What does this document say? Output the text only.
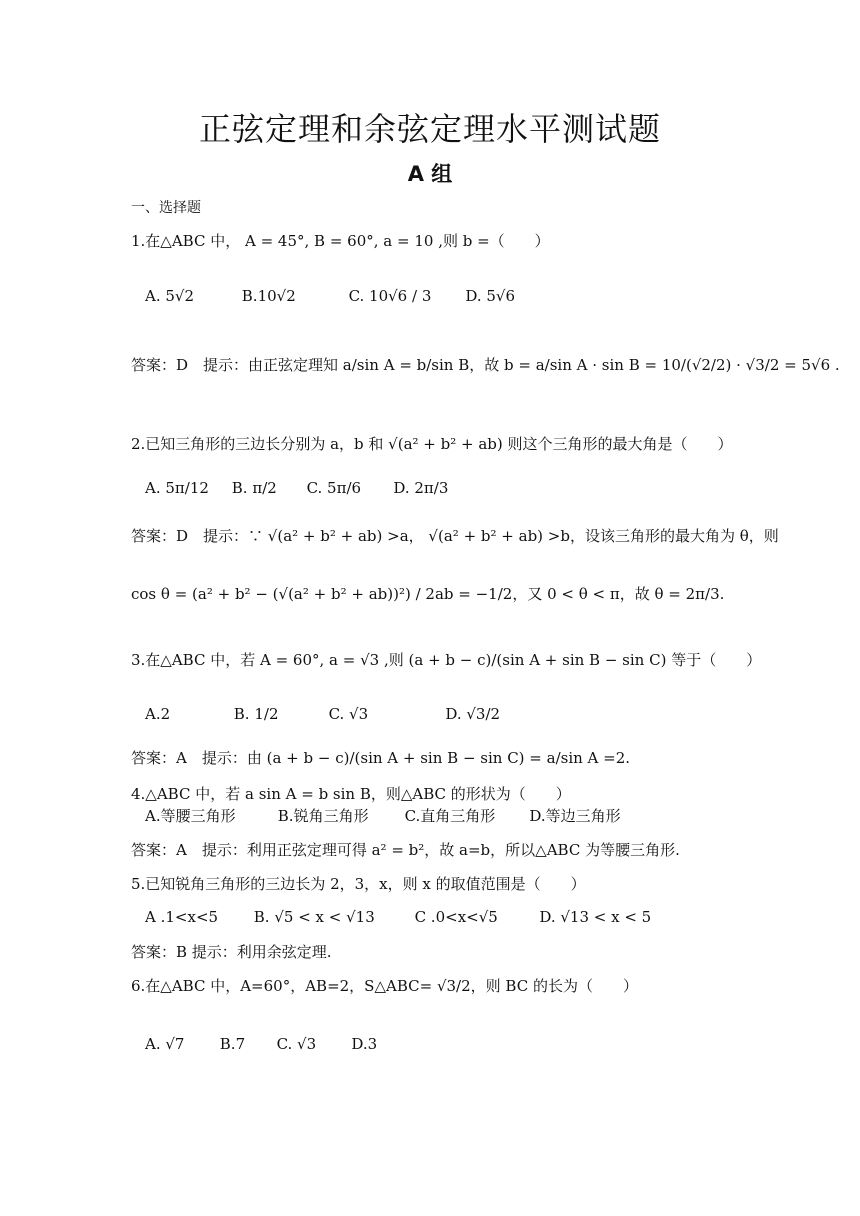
正弦定理和余弦定理水平测试题
A 组
一、选择题
1.在△ABC 中， A = 45°, B = 60°, a = 10 ,则 b =（　　）
A. 5√2	B.10√2	C. 10√6 / 3 D. 5√6
答案：D　提示：由正弦定理知 a/sin A = b/sin B，故 b = a/sin A · sin B = 10/(√2/2) · √3/2 = 5√6 .
2.已知三角形的三边长分别为 a，b 和 √(a² + b² + ab) 则这个三角形的最大角是（　　）
A. 5π/12 B. π/2 C. 5π/6 D. 2π/3
答案：D　提示：∵ √(a² + b² + ab) >a， √(a² + b² + ab) >b，设该三角形的最大角为 θ，则
cos θ = (a² + b² − (√(a² + b² + ab))²) / 2ab = −1/2，又 0 < θ < π，故 θ = 2π/3.
3.在△ABC 中，若 A = 60°, a = √3 ,则 (a + b − c)/(sin A + sin B − sin C) 等于（　　）
A.2	B. 1/2	C. √3	D. √3/2
答案：A　提示：由 (a + b − c)/(sin A + sin B − sin C) = a/sin A =2.
4.△ABC 中，若 a sin A = b sin B，则△ABC 的形状为（　　）
A.等腰三角形	B.锐角三角形 C.直角三角形 D.等边三角形
答案：A　提示：利用正弦定理可得 a² = b²，故 a=b，所以△ABC 为等腰三角形.
5.已知锐角三角形的三边长为 2，3，x，则 x 的取值范围是（　　）
A .1<x<5 B. √5 < x < √13	C .0<x<√5	D. √13 < x < 5
答案：B 提示：利用余弦定理.
6.在△ABC 中，A=60°，AB=2，S△ABC= √3/2，则 BC 的长为（　　）
A. √7 B.7 C. √3 D.3
